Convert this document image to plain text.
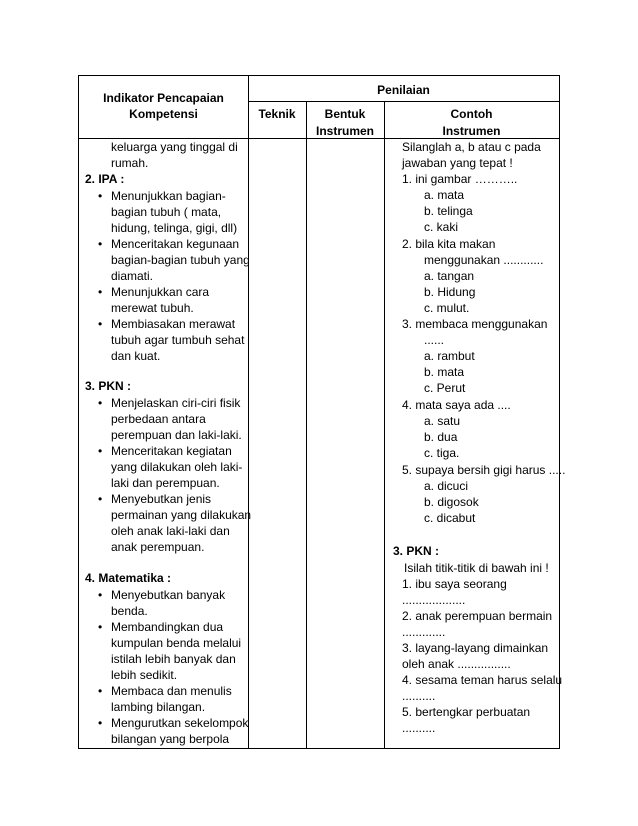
Indikator Pencapaian
Kompetensi
Penilaian
Teknik	Bentuk
Instrumen
Contoh
Instrumen
keluarga yang tinggal di
rumah.
2. IPA :
• Menunjukkan bagian-
bagian tubuh ( mata,
hidung, telinga, gigi, dll)
• Menceritakan kegunaan
bagian-bagian tubuh yang
diamati.
• Menunjukkan cara
merewat tubuh.
• Membiasakan merawat
tubuh agar tumbuh sehat
dan kuat.
3. PKN :
• Menjelaskan ciri-ciri fisik
perbedaan antara
perempuan dan laki-laki.
• Menceritakan kegiatan
yang dilakukan oleh laki-
laki dan perempuan.
• Menyebutkan jenis
permainan yang dilakukan
oleh anak laki-laki dan
anak perempuan.
4. Matematika :
• Menyebutkan banyak
benda.
• Membandingkan dua
kumpulan benda melalui
istilah lebih banyak dan
lebih sedikit.
• Membaca dan menulis
lambing bilangan.
• Mengurutkan sekelompok
bilangan yang berpola
Silanglah a, b atau c pada
jawaban yang tepat !
1. ini gambar ………..
a. mata
b. telinga
c. kaki
2. bila kita makan
menggunakan ............
a. tangan
b. Hidung
c. mulut.
3. membaca menggunakan
......
a. rambut
b. mata
c. Perut
4. mata saya ada ....
a. satu
b. dua
c. tiga.
5. supaya bersih gigi harus .....
a. dicuci
b. digosok
c. dicabut
3. PKN :
Isilah titik-titik di bawah ini !
1. ibu saya seorang
...................
2. anak perempuan bermain
.............
3. layang-layang dimainkan
oleh anak ................
4. sesama teman harus selalu
..........
5. bertengkar perbuatan
..........
